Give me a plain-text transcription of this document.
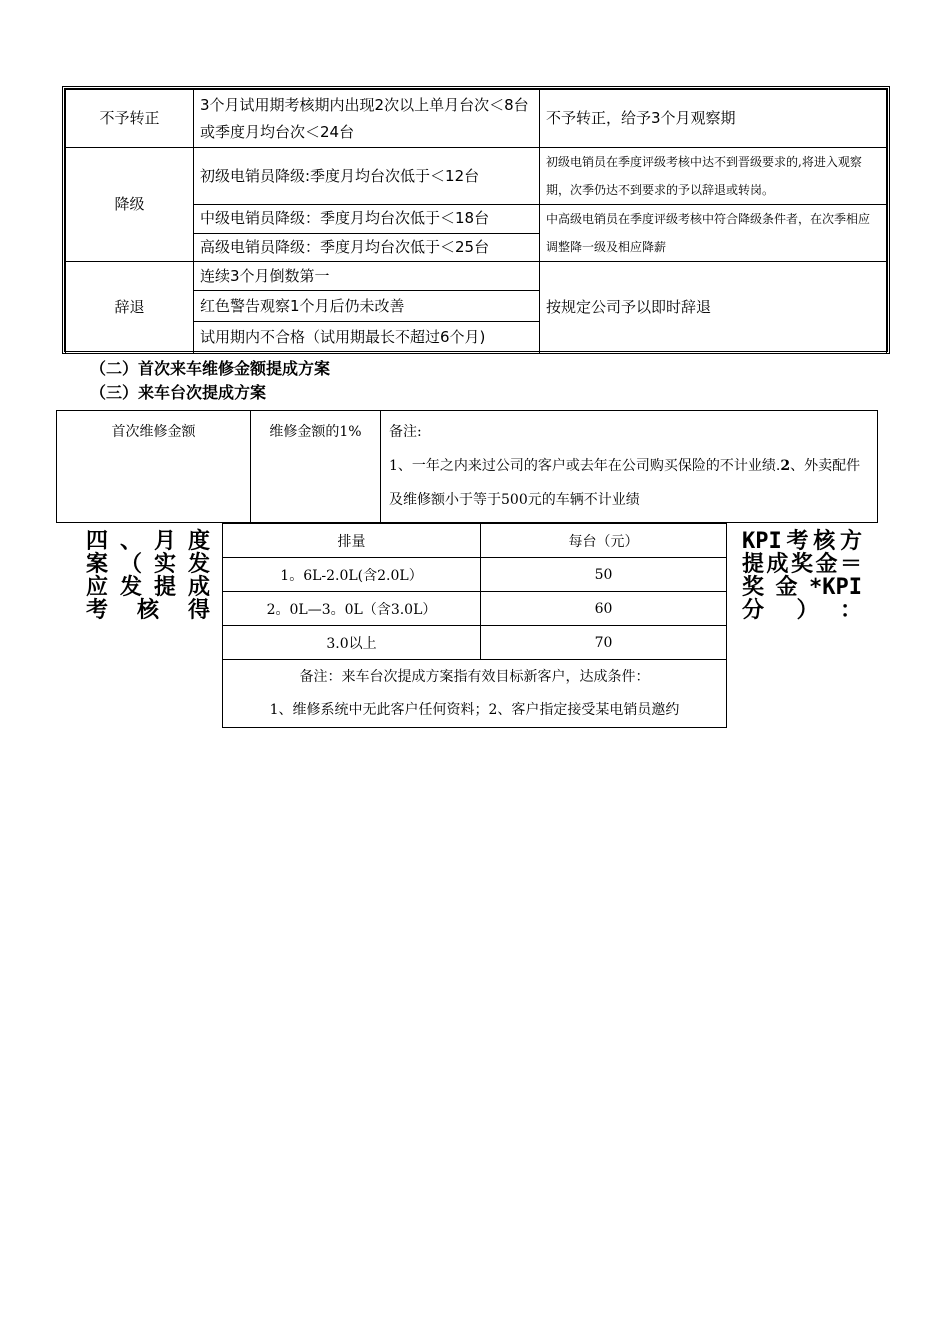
不予转正	3个月试用期考核期内出现2次以上单月台次＜8台或季度月均台次＜24台	不予转正，给予3个月观察期
降级	初级电销员降级:季度月均台次低于＜12台	初级电销员在季度评级考核中达不到晋级要求的,将进入观察期，次季仍达不到要求的予以辞退或转岗。
	中级电销员降级：季度月均台次低于＜18台	中高级电销员在季度评级考核中符合降级条件者，在次季相应调整降一级及相应降薪
	高级电销员降级：季度月均台次低于＜25台	
辞退	连续3个月倒数第一	按规定公司予以即时辞退
	红色警告观察1个月后仍未改善	
	试用期内不合格（试用期最长不超过6个月)	
（二）首次来车维修金额提成方案
（三）来车台次提成方案
首次维修金额	维修金额的1%	备注:
1、一年之内来过公司的客户或去年在公司购买保险的不计业绩.2、外卖配件及维修额小于等于500元的车辆不计业绩
四、月度
案（实发
应发提成
考核得
排量	每台（元）
1。6L-2.0L(含2.0L）	50
2。0L—3。0L（含3.0L）	60
3.0以上	70

备注：来车台次提成方案指有效目标新客户，达成条件：
1、维修系统中无此客户任何资料；2、客户指定接受某电销员邀约	
KPI考核方
提成奖金＝
奖金*KPI
分）：
